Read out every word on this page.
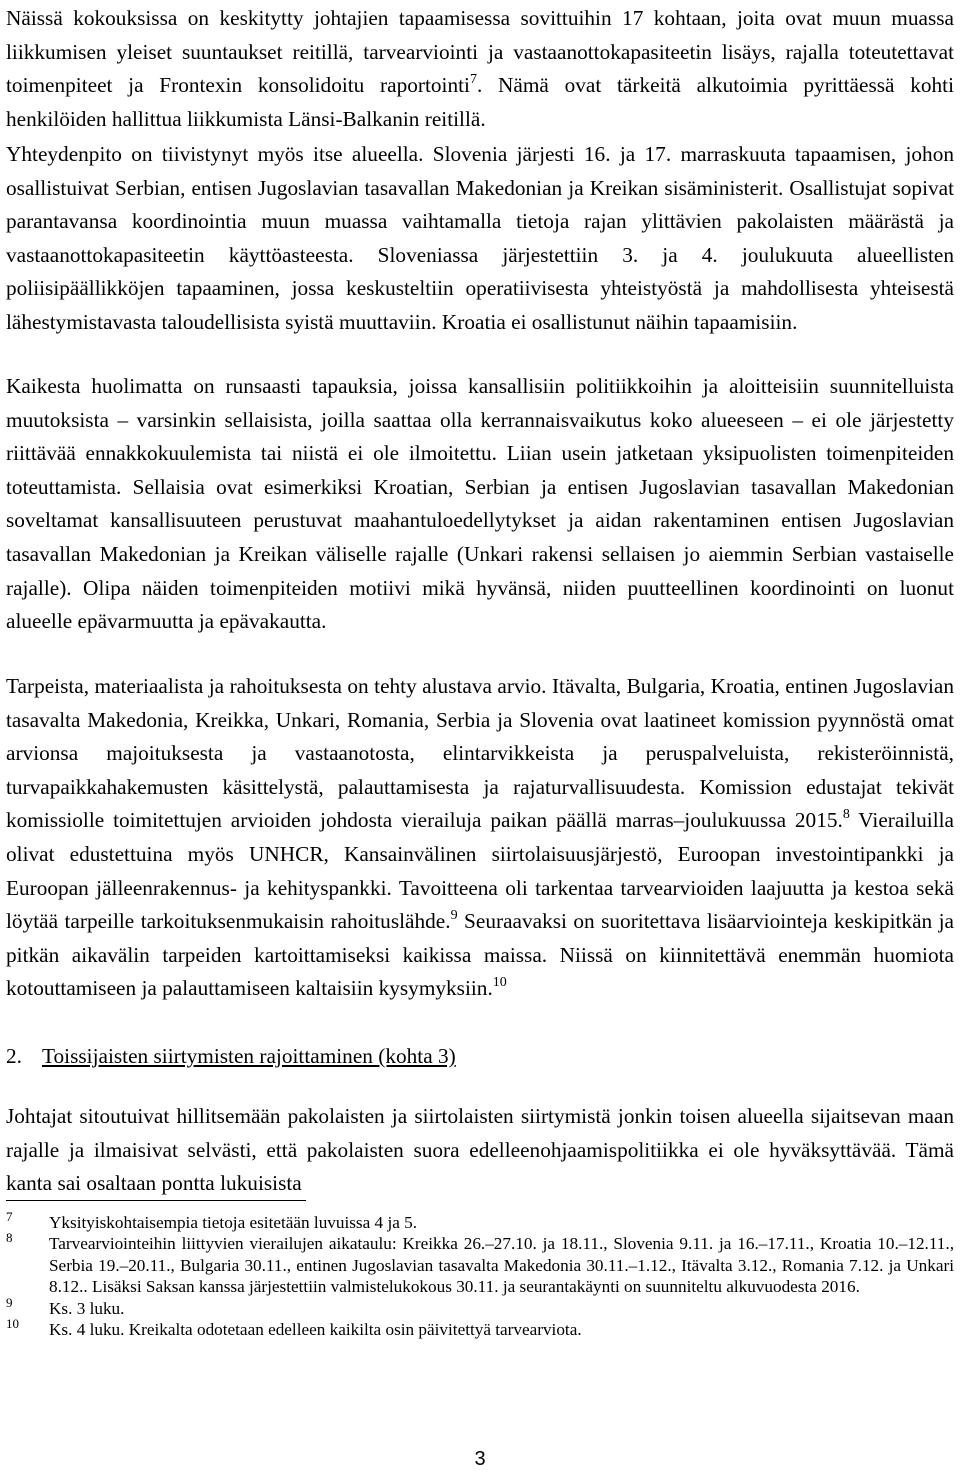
Näissä kokouksissa on keskitytty johtajien tapaamisessa sovittuihin 17 kohtaan, joita ovat muun muassa liikkumisen yleiset suuntaukset reitillä, tarvearviointi ja vastaanottokapasiteetin lisäys, rajalla toteutettavat toimenpiteet ja Frontexin konsolidoitu raportointi$^7$. Nämä ovat tärkeitä alkutoimia pyrittäessä kohti henkilöiden hallittua liikkumista Länsi-Balkanin reitillä.

Yhteydenpito on tiivistynyt myös itse alueella. Slovenia järjesti 16. ja 17. marraskuuta tapaamisen, johon osallistuivat Serbian, entisen Jugoslavian tasavallan Makedonian ja Kreikan sisäministerit. Osallistujat sopivat parantavansa koordinointia muun muassa vaihtamalla tietoja rajan ylittävien pakolaisten määrästä ja vastaanottokapasiteetin käyttöasteesta. Sloveniassa järjestettiin 3. ja 4. joulukuuta alueellisten poliisipäällikköjen tapaaminen, jossa keskusteltiin operatiivisesta yhteistyöstä ja mahdollisesta yhteisestä lähestymistavasta taloudellisista syistä muuttaviin. Kroatia ei osallistunut näihin tapaamisiin.

Kaikesta huolimatta on runsaasti tapauksia, joissa kansallisiin politiikkoihin ja aloitteisiin suunnitelluista muutoksista – varsinkin sellaisista, joilla saattaa olla kerrannaisvaikutus koko alueeseen – ei ole järjestetty riittävää ennakkokuulemista tai niistä ei ole ilmoitettu. Liian usein jatketaan yksipuolisten toimenpiteiden toteuttamista. Sellaisia ovat esimerkiksi Kroatian, Serbian ja entisen Jugoslavian tasavallan Makedonian soveltamat kansallisuuteen perustuvat maahantuloedellytykset ja aidan rakentaminen entisen Jugoslavian tasavallan Makedonian ja Kreikan väliselle rajalle (Unkari rakensi sellaisen jo aiemmin Serbian vastaiselle rajalle). Olipa näiden toimenpiteiden motiivi mikä hyvänsä, niiden puutteellinen koordinointi on luonut alueelle epävarmuutta ja epävakautta.

Tarpeista, materiaalista ja rahoituksesta on tehty alustava arvio. Itävalta, Bulgaria, Kroatia, entinen Jugoslavian tasavalta Makedonia, Kreikka, Unkari, Romania, Serbia ja Slovenia ovat laatineet komission pyynnöstä omat arvionsa majoituksesta ja vastaanotosta, elintarvikkeista ja peruspalveluista, rekisteröinnistä, turvapaikkahakemusten käsittelystä, palauttamisesta ja rajaturvallisuudesta. Komission edustajat tekivät komissiolle toimitettujen arvioiden johdosta vierailuja paikan päällä marras–joulukuussa 2015.$^8$ Vierailuilla olivat edustettuina myös UNHCR, Kansainvälinen siirtolaisuusjärjestö, Euroopan investointipankki ja Euroopan jälleenrakennus- ja kehityspankki. Tavoitteena oli tarkentaa tarvearvioiden laajuutta ja kestoa sekä löytää tarpeille tarkoituksenmukaisin rahoituslähde.$^9$ Seuraavaksi on suoritettava lisäarviointeja keskipitkän ja pitkän aikavälin tarpeiden kartoittamiseksi kaikissa maissa. Niissä on kiinnitettävä enemmän huomiota kotouttamiseen ja palauttamiseen kaltaisiin kysymyksiin.$^{10}$

2. Toissijaisten siirtymisten rajoittaminen (kohta 3)

Johtajat sitoutuivat hillitsemään pakolaisten ja siirtolaisten siirtymistä jonkin toisen alueella sijaitsevan maan rajalle ja ilmaisivat selvästi, että pakolaisten suora edelleenohjaamispolitiikka ei ole hyväksyttävää. Tämä kanta sai osaltaan pontta lukuisista

7 Yksityiskohtaisempia tietoja esitetään luvuissa 4 ja 5.

8 Tarvearviointeihin liittyvien vierailujen aikataulu: Kreikka 26.–27.10. ja 18.11., Slovenia 9.11. ja 16.–17.11., Kroatia 10.–12.11., Serbia 19.–20.11., Bulgaria 30.11., entinen Jugoslavian tasavalta Makedonia 30.11.–1.12., Itävalta 3.12., Romania 7.12. ja Unkari 8.12.. Lisäksi Saksan kanssa järjestettiin valmistelukokous 30.11. ja seurantakäynti on suunniteltu alkuvuodesta 2016.

9 Ks. 3 luku.

10 Ks. 4 luku. Kreikalta odotetaan edelleen kaikilta osin päivitettyä tarvearviota.

3
